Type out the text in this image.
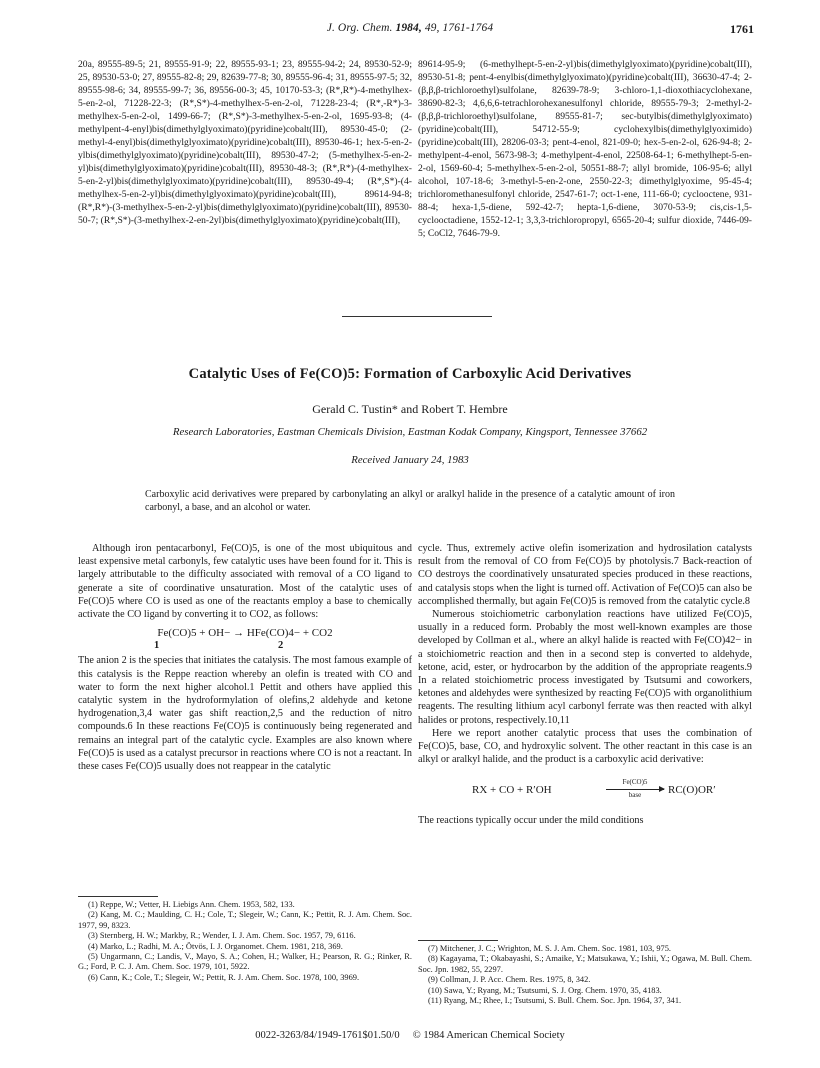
J. Org. Chem. 1984, 49, 1761-1764	1761
20a, 89555-89-5; 21, 89555-91-9; 22, 89555-93-1; 23, 89555-94-2; 24, 89530-52-9; 25, 89530-53-0; 27, 89555-82-8; 29, 82639-77-8; 30, 89555-96-4; 31, 89555-97-5; 32, 89555-98-6; 34, 89555-99-7; 36, 89556-00-3; 45, 10170-53-3; (R*,R*)-4-methylhex-5-en-2-ol, 71228-22-3; (R*,S*)-4-methylhex-5-en-2-ol, 71228-23-4; (R*,-R*)-3-methylhex-5-en-2-ol, 1499-66-7; (R*,S*)-3-methylhex-5-en-2-ol, 1695-93-8; (4-methylpent-4-enyl)bis(dimethylglyoximato)(pyridine)cobalt(III), 89530-45-0; (2-methyl-4-enyl)bis(dimethylglyoximato)(pyridine)cobalt(III), 89530-46-1; hex-5-en-2-ylbis(dimethylglyoximato)(pyridine)cobalt(III), 89530-47-2; (5-methylhex-5-en-2-yl)bis(dimethylglyoximato)(pyridine)cobalt(III), 89530-48-3; (R*,R*)-(4-methylhex-5-en-2-yl)bis(dimethylglyoximato)(pyridine)cobalt(III), 89530-49-4; (R*,S*)-(4-methylhex-5-en-2-yl)bis(dimethylglyoximato)(pyridine)cobalt(III), 89614-94-8; (R*,R*)-(3-methylhex-5-en-2-yl)bis(dimethylglyoximato)(pyridine)cobalt(III), 89530-50-7; (R*,S*)-(3-methylhex-2-en-2yl)bis(dimethylglyoximato)(pyridine)cobalt(III),
89614-95-9; (6-methylhept-5-en-2-yl)bis(dimethylglyoximato)(pyridine)cobalt(III), 89530-51-8; pent-4-enylbis(dimethylglyoximato)(pyridine)cobalt(III), 36630-47-4; 2-(β,β,β-trichloroethyl)sulfolane, 82639-78-9; 3-chloro-1,1-dioxothiacyclohexane, 38690-82-3; 4,6,6,6-tetrachlorohexanesulfonyl chloride, 89555-79-3; 2-methyl-2-(β,β,β-trichloroethyl)sulfolane, 89555-81-7; sec-butylbis(dimethylglyoximato)(pyridine)cobalt(III), 54712-55-9; cyclohexylbis(dimethylglyoximido)(pyridine)cobalt(III), 28206-03-3; pent-4-enol, 821-09-0; hex-5-en-2-ol, 626-94-8; 2-methylpent-4-enol, 5673-98-3; 4-methylpent-4-enol, 22508-64-1; 6-methylhept-5-en-2-ol, 1569-60-4; 5-methylhex-5-en-2-ol, 50551-88-7; allyl bromide, 106-95-6; allyl alcohol, 107-18-6; 3-methyl-5-en-2-one, 2550-22-3; dimethylglyoxime, 95-45-4; trichloromethanesulfonyl chloride, 2547-61-7; oct-1-ene, 111-66-0; cyclooctene, 931-88-4; hexa-1,5-diene, 592-42-7; hepta-1,6-diene, 3070-53-9; cis,cis-1,5-cyclooctadiene, 1552-12-1; 3,3,3-trichloropropyl, 6565-20-4; sulfur dioxide, 7446-09-5; CoCl2, 7646-79-9.
Catalytic Uses of Fe(CO)5: Formation of Carboxylic Acid Derivatives
Gerald C. Tustin* and Robert T. Hembre
Research Laboratories, Eastman Chemicals Division, Eastman Kodak Company, Kingsport, Tennessee 37662
Received January 24, 1983
Carboxylic acid derivatives were prepared by carbonylating an alkyl or aralkyl halide in the presence of a catalytic amount of iron carbonyl, a base, and an alcohol or water.

Although iron pentacarbonyl, Fe(CO)5, is one of the most ubiquitous and least expensive metal carbonyls, few catalytic uses have been found for it. This is largely attributable to the difficulty associated with removal of a CO ligand to generate a site of coordinative unsaturation. Most of the catalytic uses of Fe(CO)5 where CO is used as one of the reactants employ a base to chemically activate the CO ligand by converting it to CO2, as follows:

Fe(CO)5 + OH− → HFe(CO)4− + CO2
1	2

The anion 2 is the species that initiates the catalysis. The most famous example of this catalysis is the Reppe reaction whereby an olefin is treated with CO and water to form the next higher alcohol.1 Pettit and others have applied this catalytic system in the hydroformylation of olefins,2 aldehyde and ketone hydrogenation,3,4 water gas shift reaction,2,5 and the reduction of nitro compounds.6 In these reactions Fe(CO)5 is continuously being regenerated and remains an integral part of the catalytic cycle. Examples are also known where Fe(CO)5 is used as a catalyst precursor in reactions where CO is not a reactant. In these cases Fe(CO)5 usually does not reappear in the catalytic

cycle. Thus, extremely active olefin isomerization and hydrosilation catalysts result from the removal of CO from Fe(CO)5 by photolysis.7 Back-reaction of CO destroys the coordinatively unsaturated species produced in these reactions, and catalysis stops when the light is turned off. Activation of Fe(CO)5 can also be accomplished thermally, but again Fe(CO)5 is removed from the catalytic cycle.8

Numerous stoichiometric carbonylation reactions have utilized Fe(CO)5, usually in a reduced form. Probably the most well-known examples are those developed by Collman et al., where an alkyl halide is reacted with Fe(CO)42− in a stoichiometric reaction and then in a second step is converted to aldehyde, ketone, acid, ester, or hydrocarbon by the addition of the appropriate reagents.9 In a related stoichiometric process investigated by Tsutsumi and coworkers, ketones and aldehydes were synthesized by reacting Fe(CO)5 with organolithium reagents. The resulting lithium acyl carbonyl ferrate was then reacted with alkyl halides or protons, respectively.10,11

Here we report another catalytic process that uses the combination of Fe(CO)5, base, CO, and hydroxylic solvent. The other reactant in this case is an alkyl or aralkyl halide, and the product is a carboxylic acid derivative:

RX + CO + R′OH
Fe(CO)5
base	RC(O)OR′

The reactions typically occur under the mild conditions

(1) Reppe, W.; Vetter, H. Liebigs Ann. Chem. 1953, 582, 133.
(2) Kang, M. C.; Maulding, C. H.; Cole, T.; Slegeir, W.; Cann, K.; Pettit, R. J. Am. Chem. Soc. 1977, 99, 8323.
(3) Sternberg, H. W.; Markby, R.; Wender, I. J. Am. Chem. Soc. 1957, 79, 6116.
(4) Marko, L.; Radhi, M. A.; Ötvös, I. J. Organomet. Chem. 1981, 218, 369.
(5) Ungarmann, C.; Landis, V., Mayo, S. A.; Cohen, H.; Walker, H.; Pearson, R. G.; Rinker, R. G.; Ford, P. C. J. Am. Chem. Soc. 1979, 101, 5922.
(6) Cann, K.; Cole, T.; Slegeir, W.; Pettit, R. J. Am. Chem. Soc. 1978, 100, 3969.
(7) Mitchener, J. C.; Wrighton, M. S. J. Am. Chem. Soc. 1981, 103, 975.
(8) Kagayama, T.; Okabayashi, S.; Amaike, Y.; Matsukawa, Y.; Ishii, Y.; Ogawa, M. Bull. Chem. Soc. Jpn. 1982, 55, 2297.
(9) Collman, J. P. Acc. Chem. Res. 1975, 8, 342.
(10) Sawa, Y.; Ryang, M.; Tsutsumi, S. J. Org. Chem. 1970, 35, 4183.
(11) Ryang, M.; Rhee, I.; Tsutsumi, S. Bull. Chem. Soc. Jpn. 1964, 37, 341.
0022-3263/84/1949-1761$01.50/0 © 1984 American Chemical Society
